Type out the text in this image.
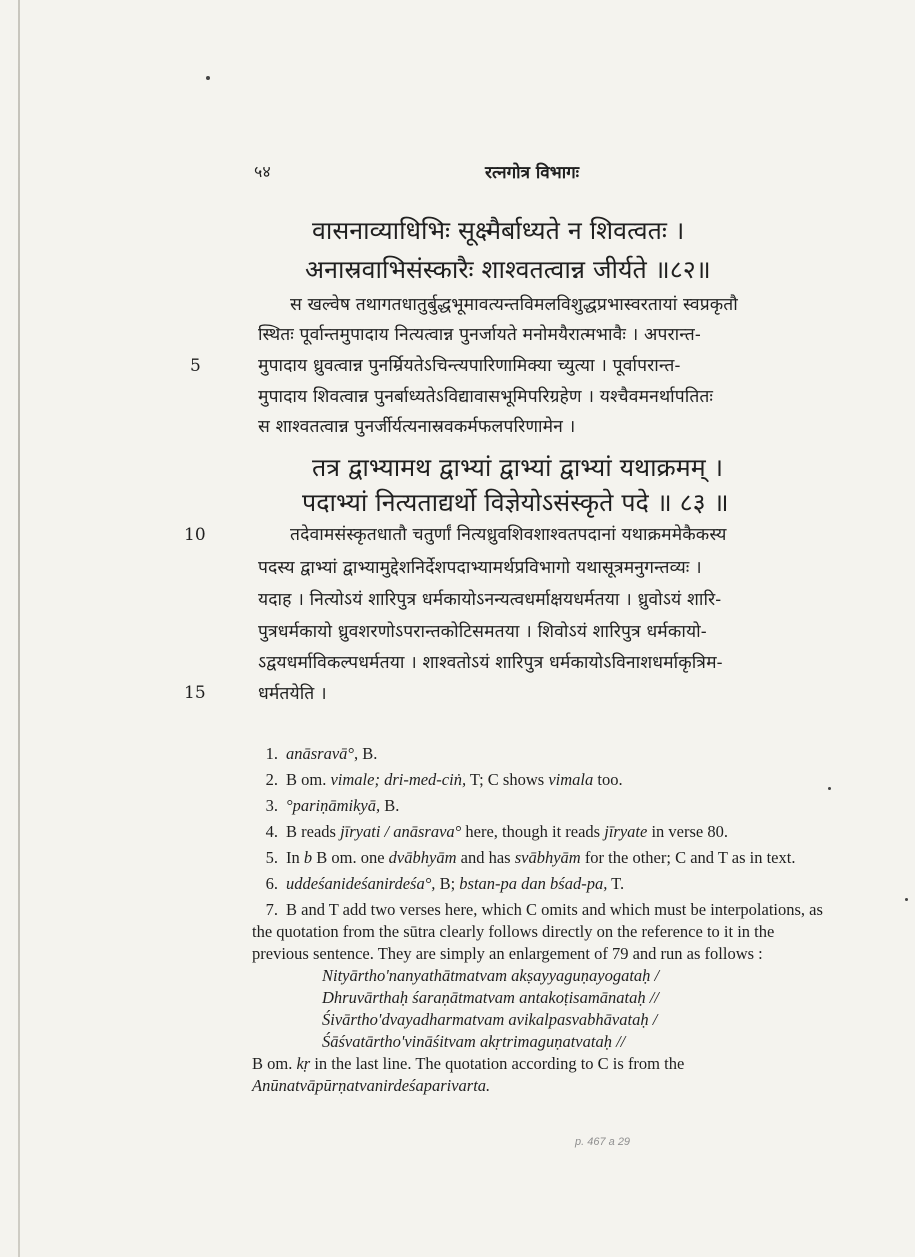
५४	रत्नगोत्र विभागः
वासनाव्याधिभिः सूक्ष्मैर्बाध्यते न शिवत्वतः ।
अनास्रवाभिसंस्कारैः शाश्वतत्वान्न जीर्यते ॥८२॥
स खल्वेष तथागतधातुर्बुद्धभूमावत्यन्तविमलविशुद्धप्रभास्वरतायां स्वप्रकृतौ
स्थितः पूर्वान्तमुपादाय नित्यत्वान्न पुनर्जायते मनोमयैरात्मभावैः । अपरान्त-
मुपादाय ध्रुवत्वान्न पुनर्म्रियतेऽचिन्त्यपारिणामिक्या च्युत्या । पूर्वापरान्त-
मुपादाय शिवत्वान्न पुनर्बाध्यतेऽविद्यावासभूमिपरिग्रहेण । यश्चैवमनर्थापतितः
स शाश्वतत्वान्न पुनर्जीर्यत्यनास्रवकर्मफलपरिणामेन ।
तत्र द्वाभ्यामथ द्वाभ्यां द्वाभ्यां द्वाभ्यां यथाक्रमम् ।
पदाभ्यां नित्यताद्यर्थो विज्ञेयोऽसंस्कृते पदे ॥ ८३ ॥
तदेवामसंस्कृतधातौ चतुर्णां नित्यध्रुवशिवशाश्वतपदानां यथाक्रममेकैकस्य
पदस्य द्वाभ्यां द्वाभ्यामुद्देशनिर्देशपदाभ्यामर्थप्रविभागो यथासूत्रमनुगन्तव्यः ।
यदाह । नित्योऽयं शारिपुत्र धर्मकायोऽनन्यत्वधर्माक्षयधर्मतया । ध्रुवोऽयं शारि-
पुत्रधर्मकायो ध्रुवशरणोऽपरान्तकोटिसमतया । शिवोऽयं शारिपुत्र धर्मकायो-
ऽद्वयधर्माविकल्पधर्मतया । शाश्वतोऽयं शारिपुत्र धर्मकायोऽविनाशधर्माकृत्रिम-
धर्मतयेति ।
5
10
15
1. anāsravā°, B.
2. B om. vimale; dri-med-ciṅ, T; C shows vimala too.
3. °pariṇāmikyā, B.
4. B reads jīryati / anāsrava° here, though it reads jīryate in verse 80.
5. In b B om. one dvābhyām and has svābhyām for the other; C and T as in text.
6. uddeśanideśanirdeśa°, B; bstan-pa dan bśad-pa, T.
7. B and T add two verses here, which C omits and which must be interpolations, as the quotation from the sūtra clearly follows directly on the reference to it in the previous sentence. They are simply an enlargement of 79 and run as follows :
Nityārtho'nanyathātmatvam akṣayyaguṇayogataḥ /
Dhruvārthaḥ śaraṇātmatvam antakoṭisamānataḥ //
Śivārtho'dvayadharmatvam avikalpasvabhāvataḥ /
Śāśvatārtho'vināśitvam akṛtrimaguṇatvataḥ //
B om. kṛ in the last line. The quotation according to C is from the Anūnatvāpūrṇatvanirdeśaparivarta.
p. 467 a 29
